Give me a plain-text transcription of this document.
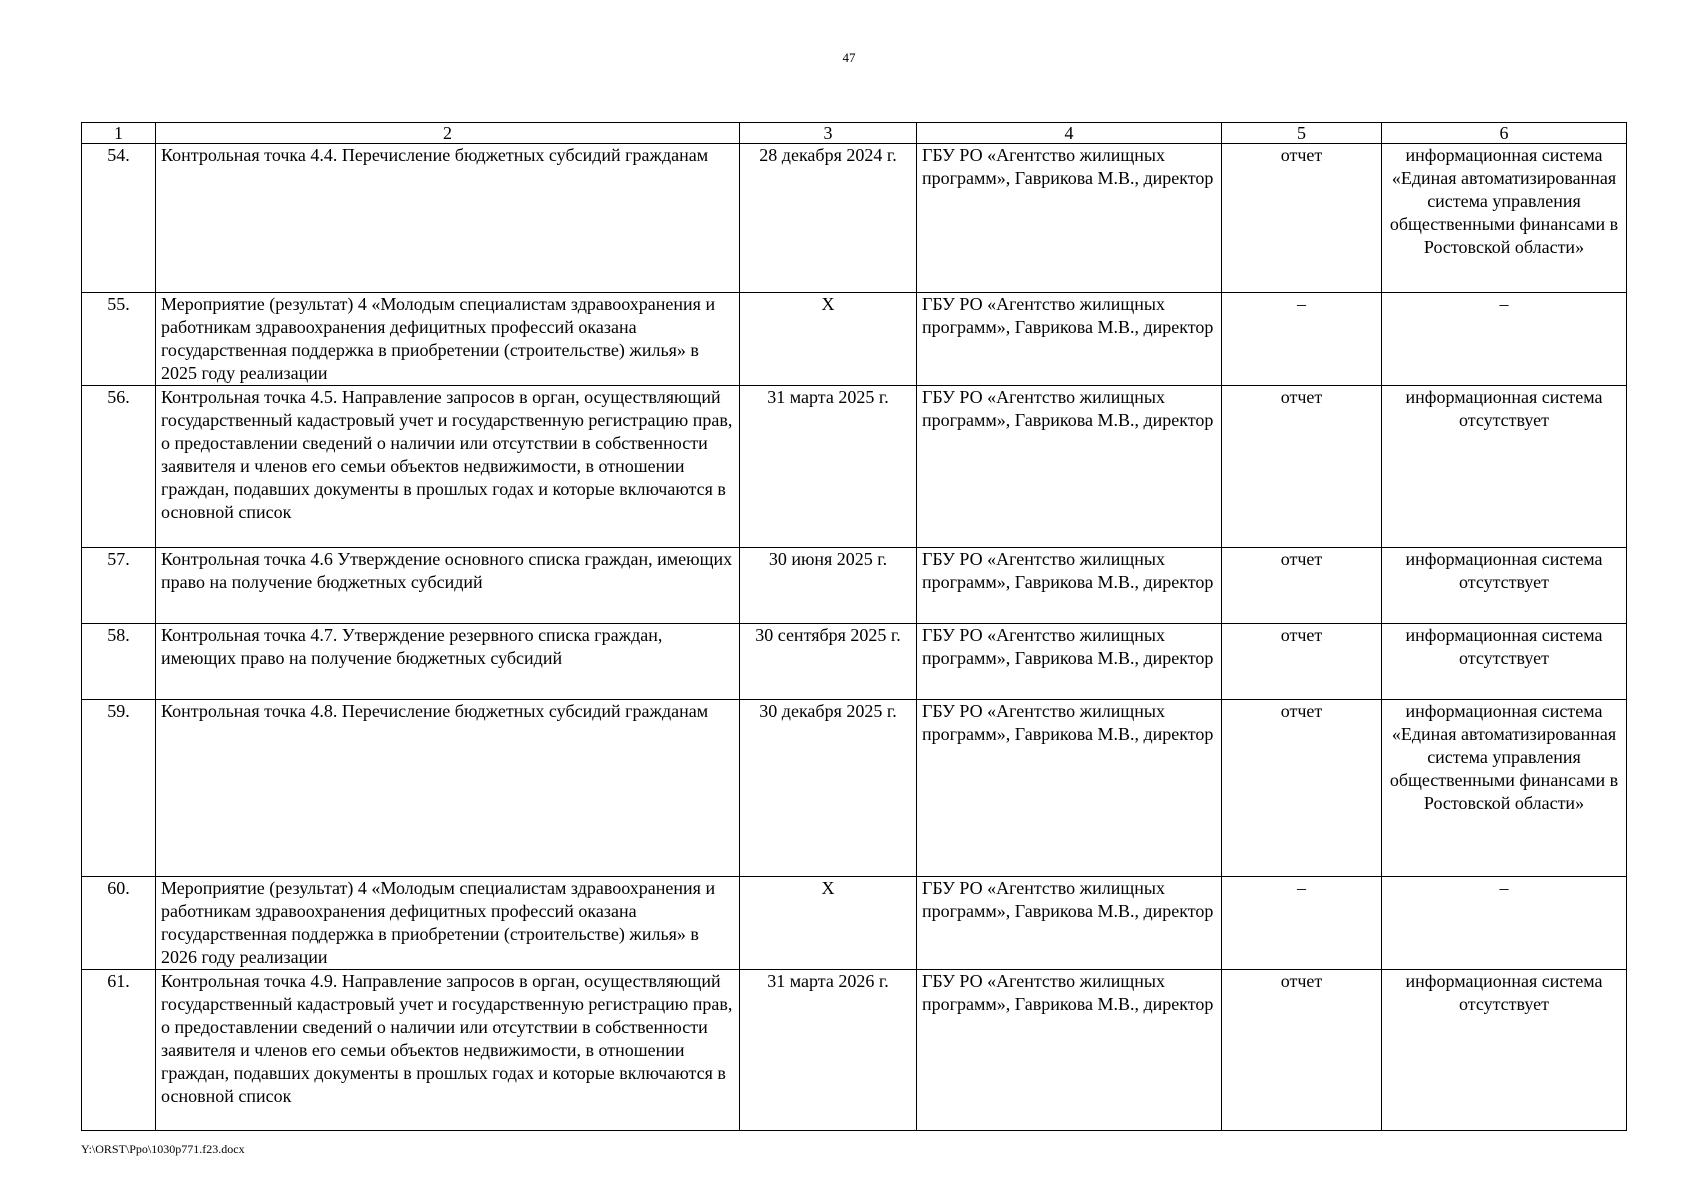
47
1	2	3	4	5	6
54.	Контрольная точка 4.4. Перечисление бюджетных субсидий гражданам	28 декабря 2024 г.	ГБУ РО «Агентство жилищных программ», Гаврикова М.В., директор	отчет	информационная система «Единая автоматизированная система управления общественными финансами в Ростовской области»
55.	Мероприятие (результат) 4 «Молодым специалистам здравоохранения и работникам здравоохранения дефицитных профессий оказана государственная поддержка в приобретении (строительстве) жилья» в 2025 году реализации	X	ГБУ РО «Агентство жилищных программ», Гаврикова М.В., директор	–	–
56.	Контрольная точка 4.5. Направление запросов в орган, осуществляющий государственный кадастровый учет и государственную регистрацию прав, о предоставлении сведений о наличии или отсутствии в собственности заявителя и членов его семьи объектов недвижимости, в отношении граждан, подавших документы в прошлых годах и которые включаются в основной список	31 марта 2025 г.	ГБУ РО «Агентство жилищных программ», Гаврикова М.В., директор	отчет	информационная система отсутствует
57.	Контрольная точка 4.6 Утверждение основного списка граждан, имеющих право на получение бюджетных субсидий	30 июня 2025 г.	ГБУ РО «Агентство жилищных программ», Гаврикова М.В., директор	отчет	информационная система отсутствует
58.	Контрольная точка 4.7. Утверждение резервного списка граждан, имеющих право на получение бюджетных субсидий	30 сентября 2025 г.	ГБУ РО «Агентство жилищных программ», Гаврикова М.В., директор	отчет	информационная система отсутствует
59.	Контрольная точка 4.8. Перечисление бюджетных субсидий гражданам	30 декабря 2025 г.	ГБУ РО «Агентство жилищных программ», Гаврикова М.В., директор	отчет	информационная система «Единая автоматизированная система управления общественными финансами в Ростовской области»
60.	Мероприятие (результат) 4 «Молодым специалистам здравоохранения и работникам здравоохранения дефицитных профессий оказана государственная поддержка в приобретении (строительстве) жилья» в 2026 году реализации	X	ГБУ РО «Агентство жилищных программ», Гаврикова М.В., директор	–	–
61.	Контрольная точка 4.9. Направление запросов в орган, осуществляющий государственный кадастровый учет и государственную регистрацию прав, о предоставлении сведений о наличии или отсутствии в собственности заявителя и членов его семьи объектов недвижимости, в отношении граждан, подавших документы в прошлых годах и которые включаются в основной список	31 марта 2026 г.	ГБУ РО «Агентство жилищных программ», Гаврикова М.В., директор	отчет	информационная система отсутствует
Y:\ORST\Ppo\1030p771.f23.docx
